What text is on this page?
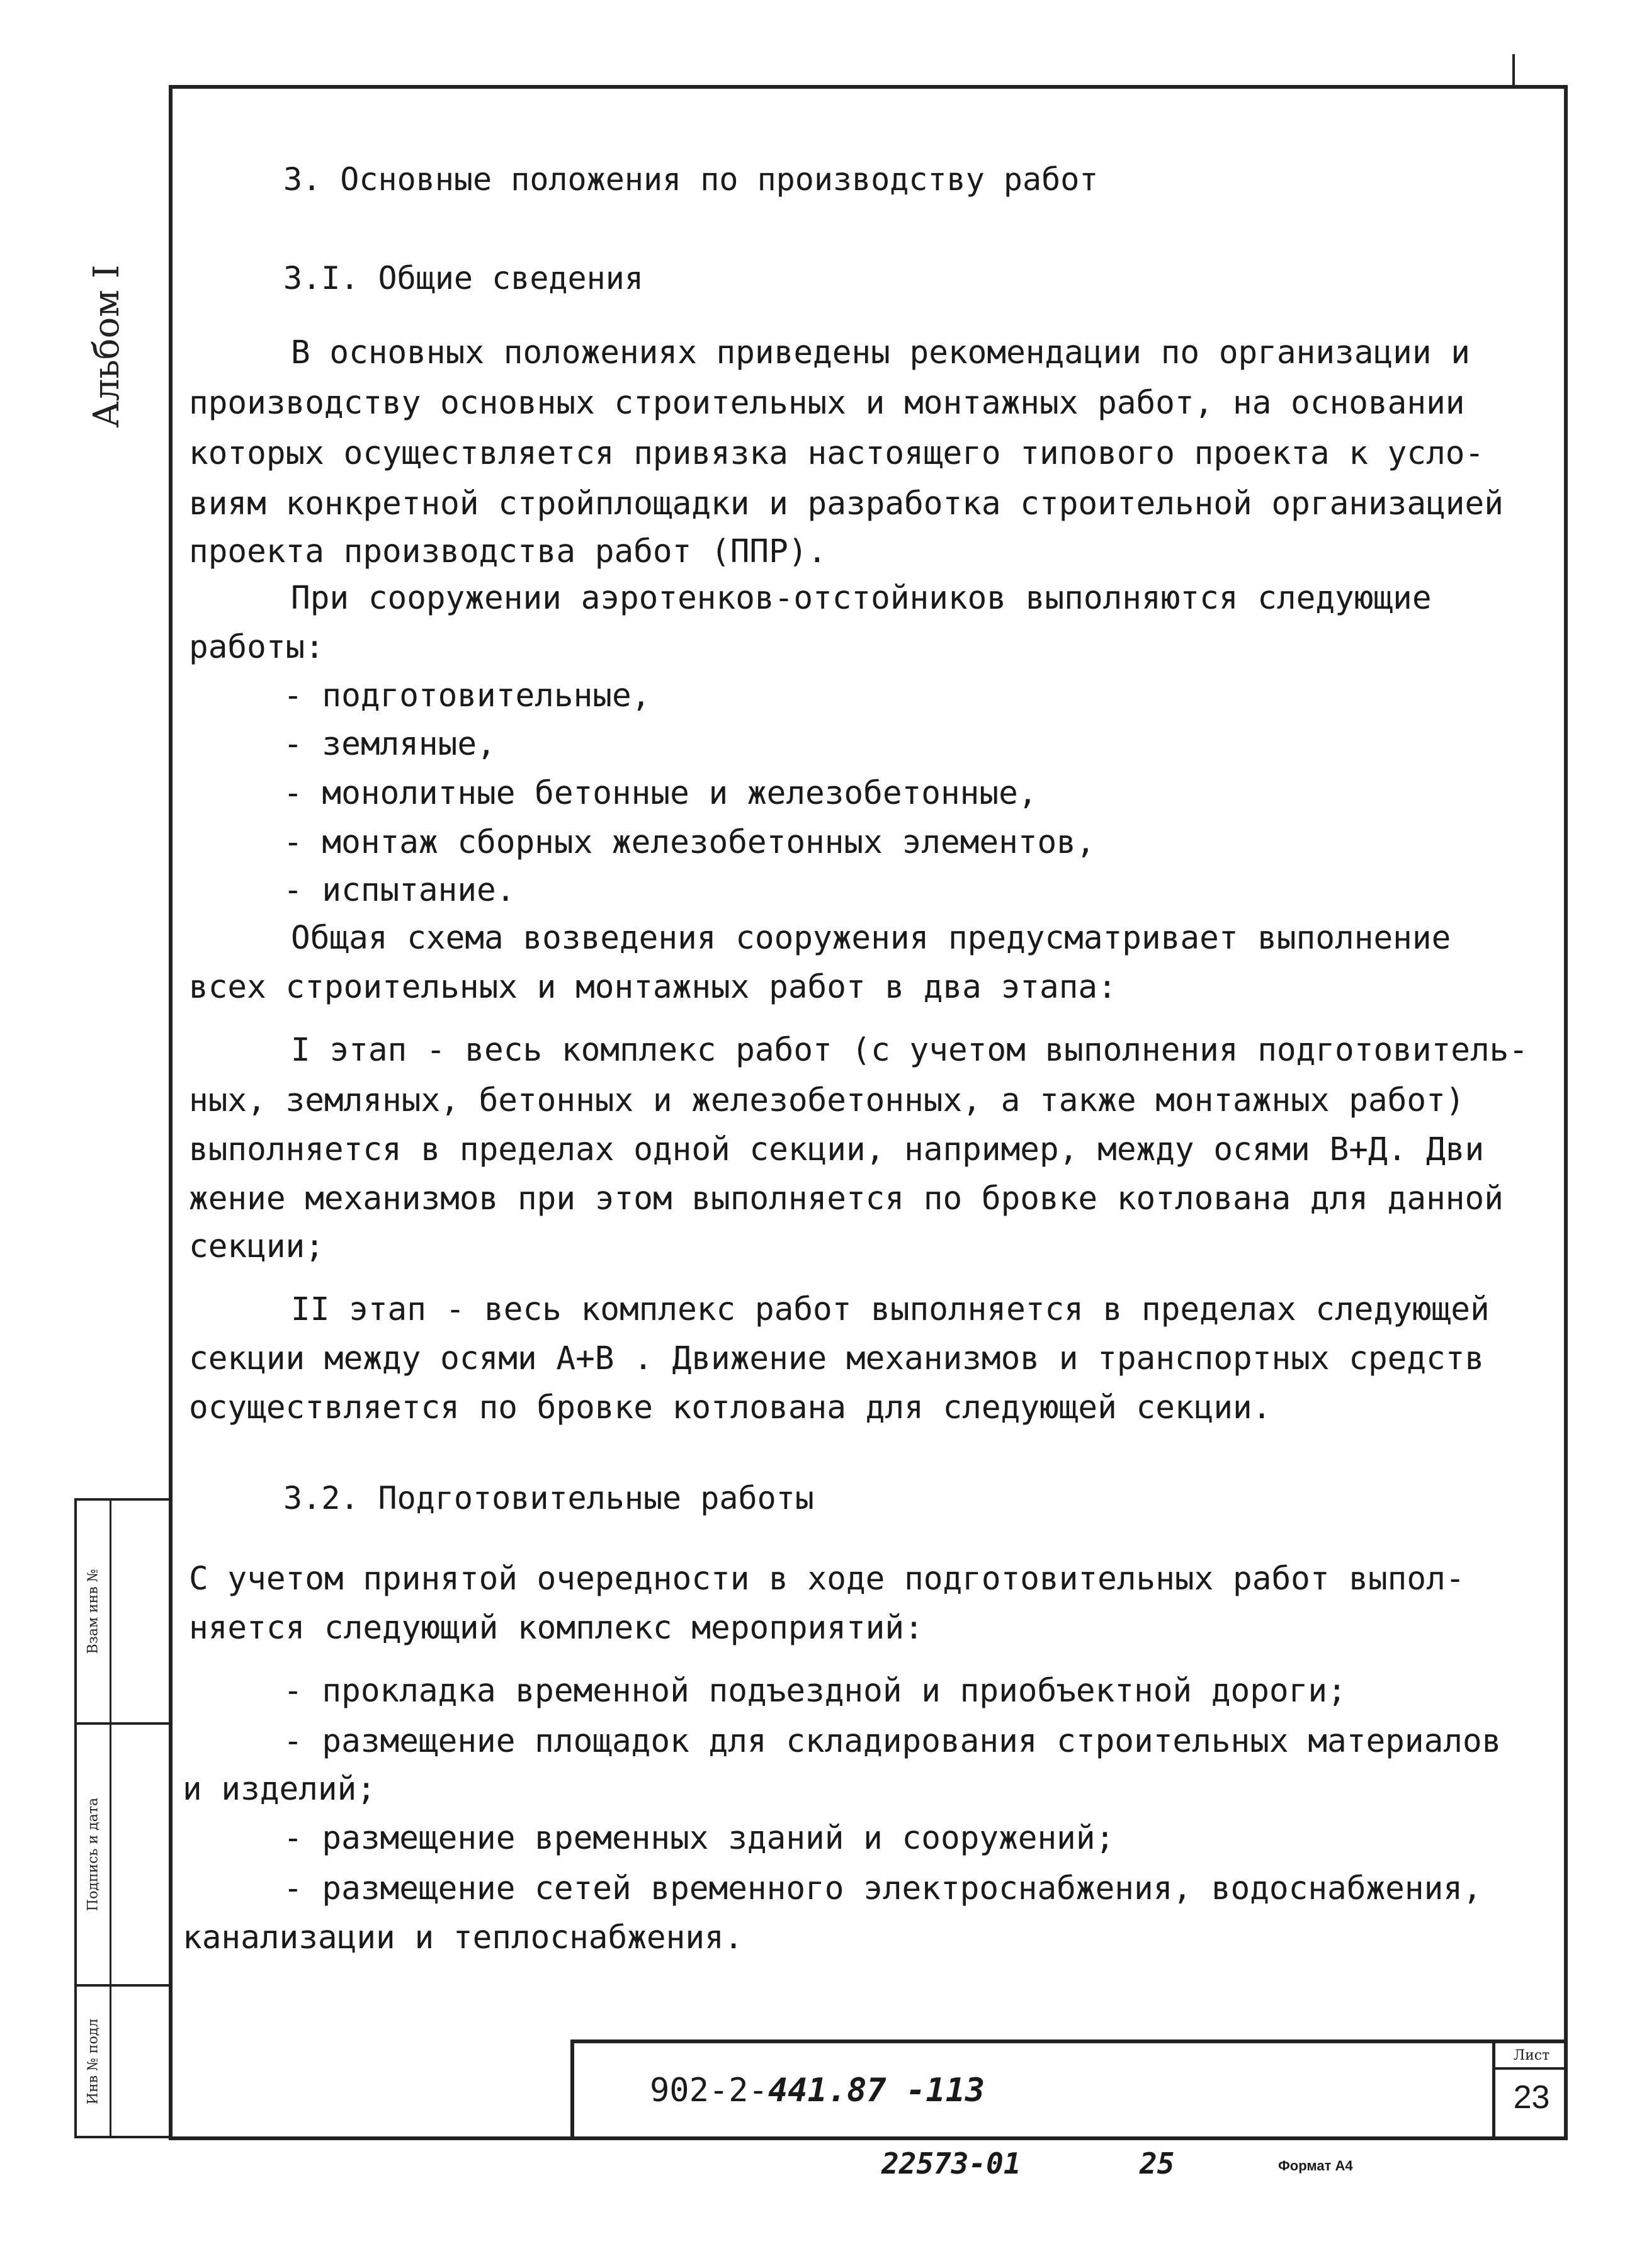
Альбом I
Взам инв №
Подпись и дата
Инв № подл
3. Основные положения по производству работ
3.I. Общие сведения
В основных положениях приведены рекомендации по организации и
производству основных строительных и монтажных работ, на основании
которых осуществляется привязка настоящего типового проекта к усло-
виям конкретной стройплощадки и разработка строительной организацией
проекта производства работ (ППР).
При сооружении аэротенков-отстойников выполняются следующие
работы:
- подготовительные,
- земляные,
- монолитные бетонные и железобетонные,
- монтаж сборных железобетонных элементов,
- испытание.
Общая схема возведения сооружения предусматривает выполнение
всех строительных и монтажных работ в два этапа:
I этап - весь комплекс работ (с учетом выполнения подготовитель-
ных, земляных, бетонных и железобетонных, а также монтажных работ)
выполняется в пределах одной секции, например, между осями В+Д. Дви
жение механизмов при этом выполняется по бровке котлована для данной
секции;
II этап - весь комплекс работ выполняется в пределах следующей
секции между осями А+В . Движение механизмов и транспортных средств
осуществляется по бровке котлована для следующей секции.
3.2. Подготовительные работы
С учетом принятой очередности в ходе подготовительных работ выпол-
няется следующий комплекс мероприятий:
- прокладка временной подъездной и приобъектной дороги;
- размещение площадок для складирования строительных материалов
и изделий;
- размещение временных зданий и сооружений;
- размещение сетей временного электроснабжения, водоснабжения,
канализации и теплоснабжения.
902-2-441.87 -113
Лист
23
22573-01	25	Формат А4
